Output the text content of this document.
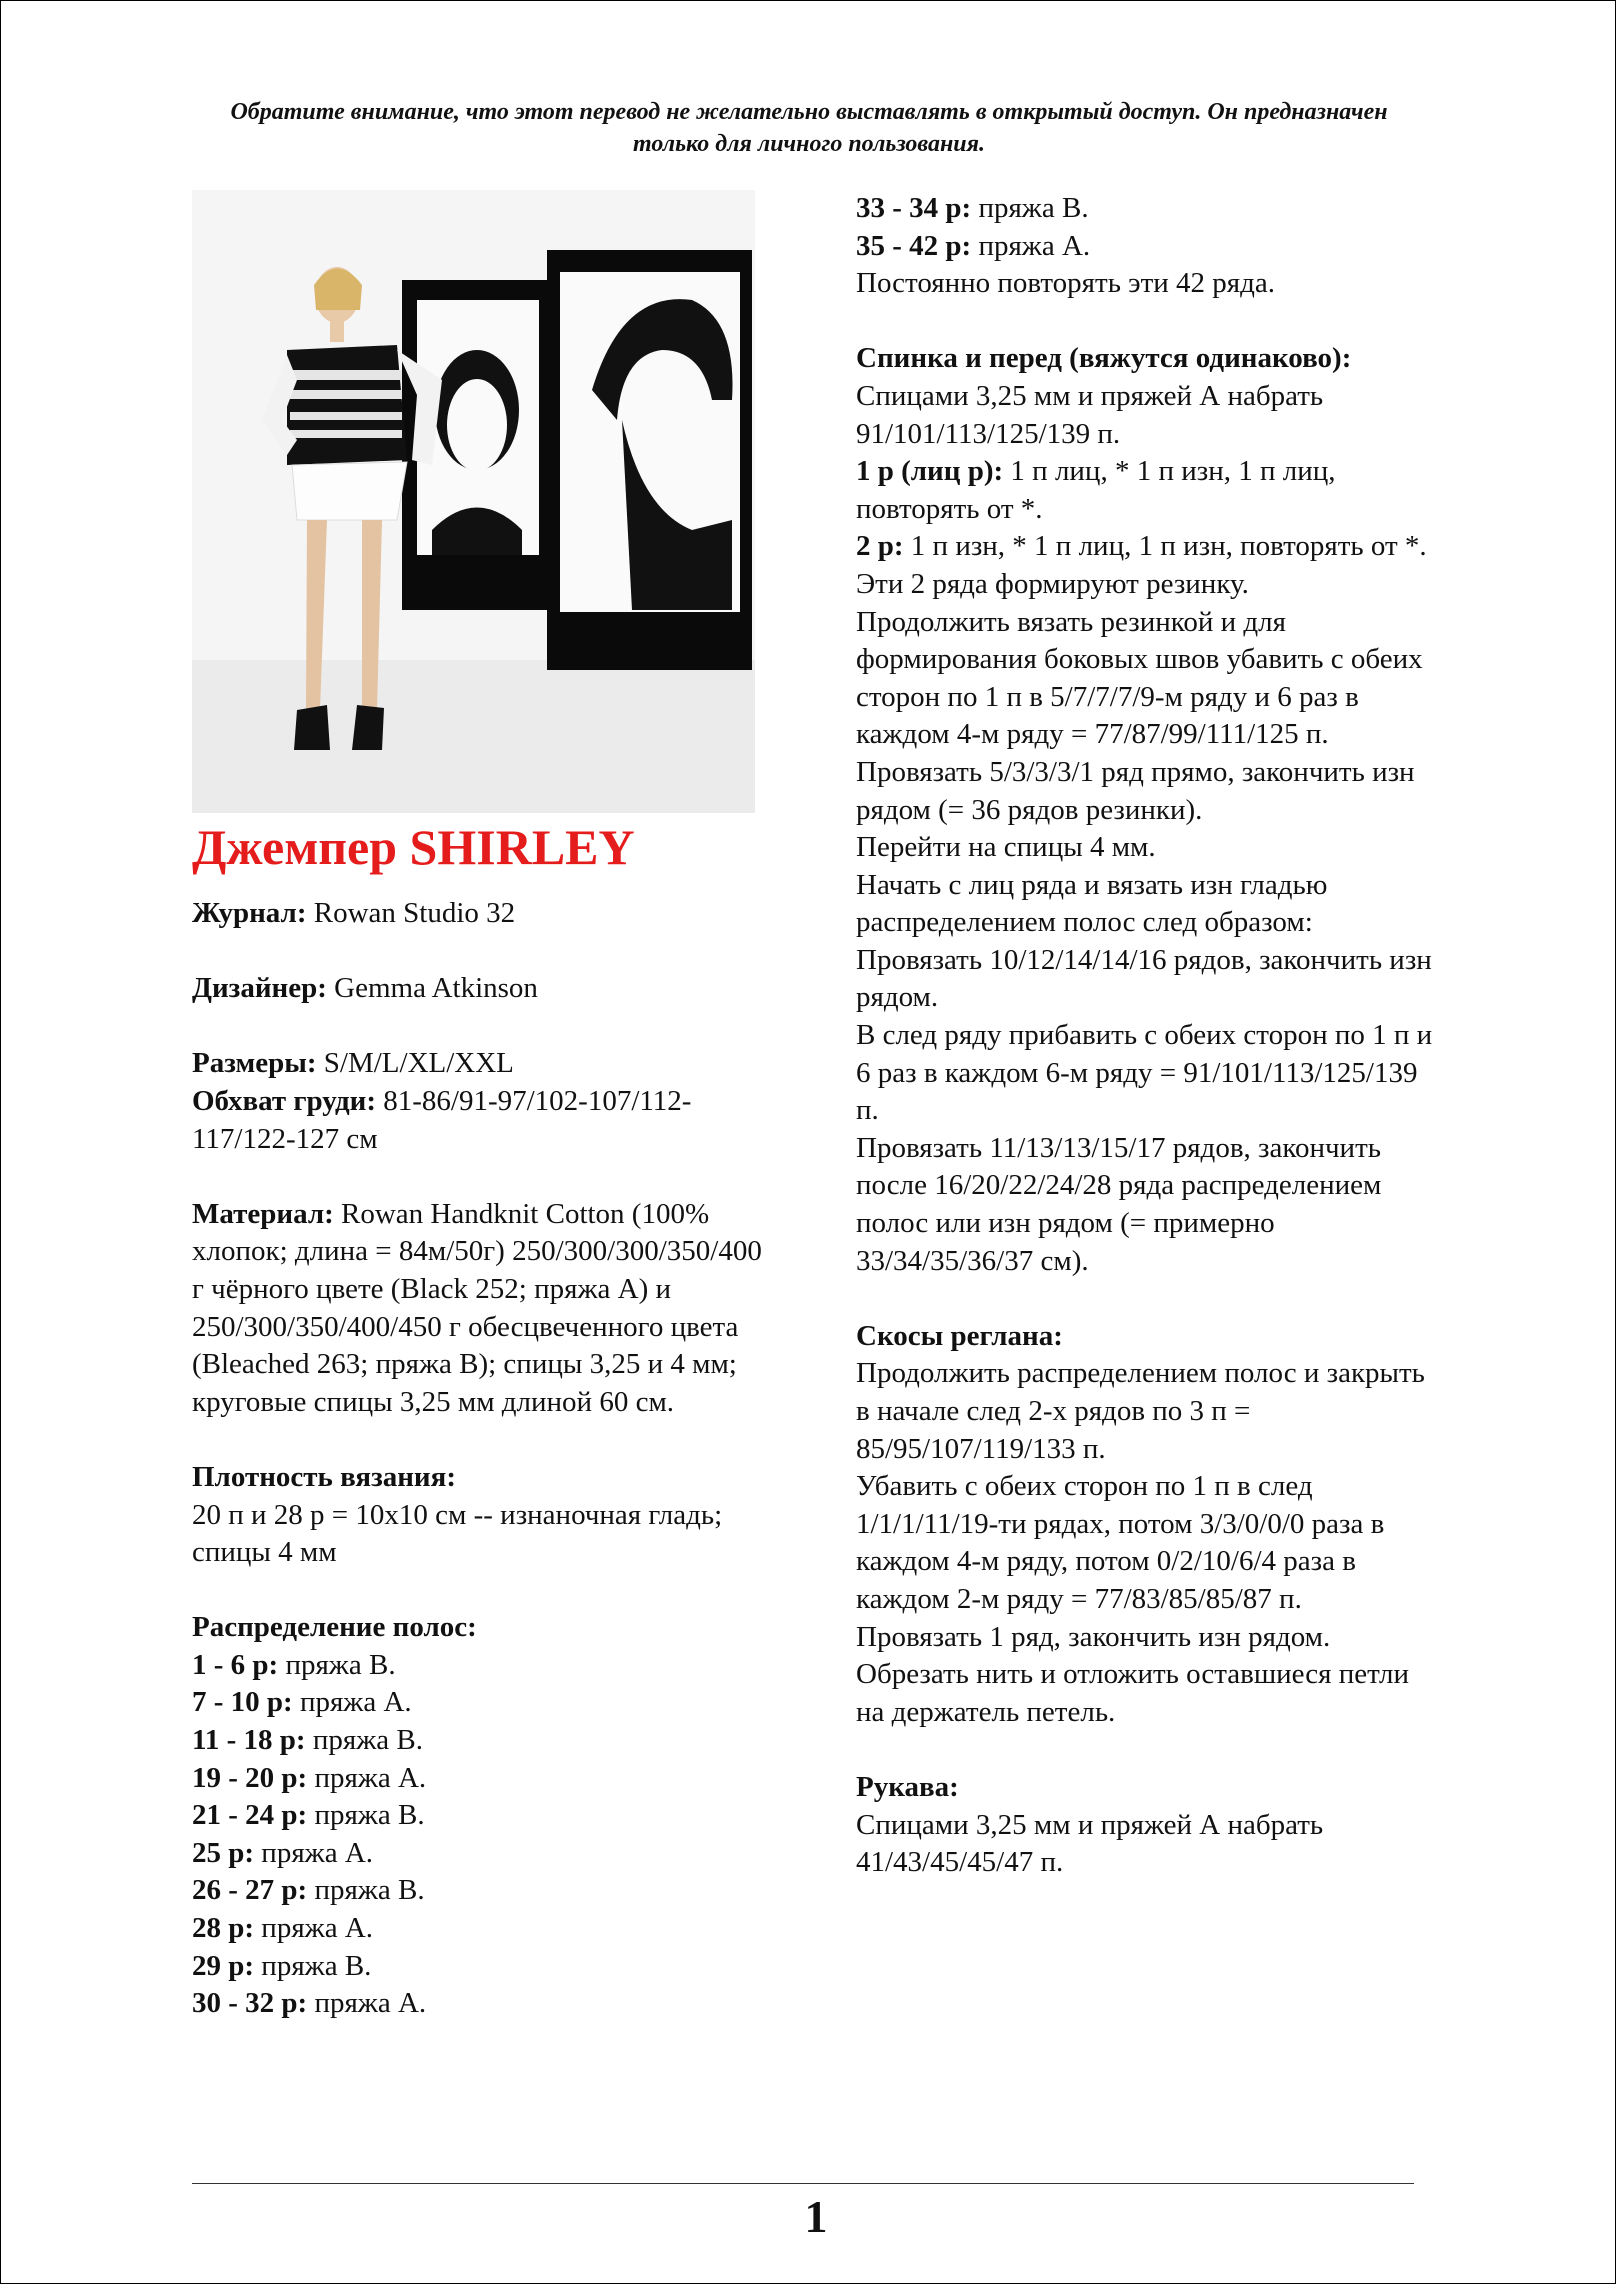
Обратите внимание, что этот перевод не желательно выставлять в открытый доступ. Он предназначен только для личного пользования.
Джемпер SHIRLEY

Журнал: Rowan Studio 32

Дизайнер: Gemma Atkinson

Размеры: S/M/L/XL/XXL

Обхват груди: 81-86/91-97/102-107/112-117/122-127 см

Материал: Rowan Handknit Cotton (100% хлопок; длина = 84м/50г) 250/300/300/350/400 г чёрного цвете (Black 252; пряжа А) и 250/300/350/400/450 г обесцвеченного цвета (Bleached 263; пряжа В); спицы 3,25 и 4 мм; круговые спицы 3,25 мм длиной 60 см.

Плотность вязания:

20 п и 28 р = 10х10 см -- изнаночная гладь; спицы 4 мм

Распределение полос:

1 - 6 р: пряжа В.

7 - 10 р: пряжа А.

11 - 18 р: пряжа В.

19 - 20 р: пряжа А.

21 - 24 р: пряжа В.

25 р: пряжа А.

26 - 27 р: пряжа В.

28 р: пряжа А.

29 р: пряжа В.

30 - 32 р: пряжа А.

33 - 34 р: пряжа В.

35 - 42 р: пряжа А.

Постоянно повторять эти 42 ряда.

Спинка и перед (вяжутся одинаково):

Спицами 3,25 мм и пряжей А набрать 91/101/113/125/139 п.

1 р (лиц р): 1 п лиц, * 1 п изн, 1 п лиц, повторять от *.

2 р: 1 п изн, * 1 п лиц, 1 п изн, повторять от *.

Эти 2 ряда формируют резинку.

Продолжить вязать резинкой и для формирования боковых швов убавить с обеих сторон по 1 п в 5/7/7/7/9-м ряду и 6 раз в каждом 4-м ряду = 77/87/99/111/125 п.

Провязать 5/3/3/3/1 ряд прямо, закончить изн рядом (= 36 рядов резинки).

Перейти на спицы 4 мм.

Начать с лиц ряда и вязать изн гладью распределением полос след образом:

Провязать 10/12/14/14/16 рядов, закончить изн рядом.

В след ряду прибавить с обеих сторон по 1 п и 6 раз в каждом 6-м ряду = 91/101/113/125/139 п.

Провязать 11/13/13/15/17 рядов, закончить после 16/20/22/24/28 ряда распределением полос или изн рядом (= примерно 33/34/35/36/37 см).

Скосы реглана:

Продолжить распределением полос и закрыть в начале след 2-х рядов по 3 п = 85/95/107/119/133 п.

Убавить с обеих сторон по 1 п в след 1/1/1/11/19-ти рядах, потом 3/3/0/0/0 раза в каждом 4-м ряду, потом 0/2/10/6/4 раза в каждом 2-м ряду = 77/83/85/85/87 п.

Провязать 1 ряд, закончить изн рядом. Обрезать нить и отложить оставшиеся петли на держатель петель.

Рукава:

Спицами 3,25 мм и пряжей А набрать 41/43/45/45/47 п.

1
